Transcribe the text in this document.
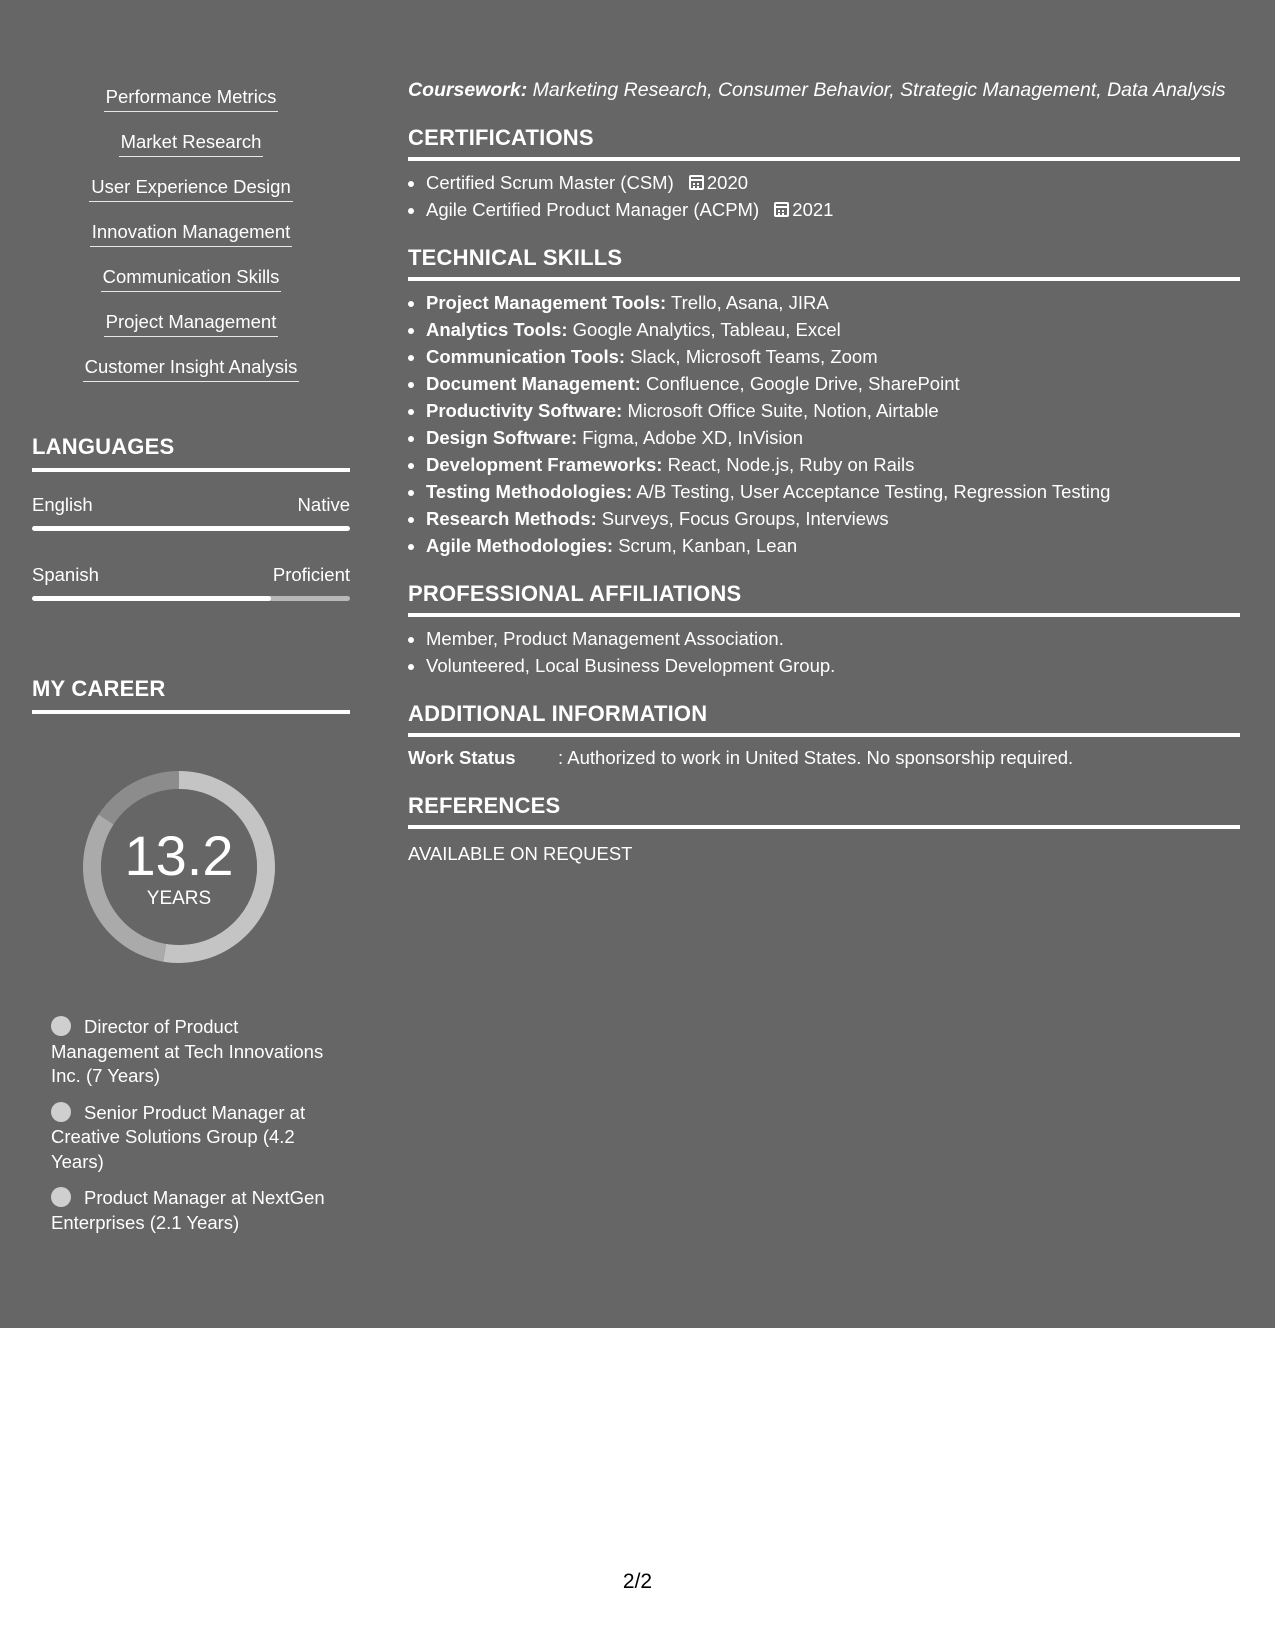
Performance Metrics
Market Research
User Experience Design
Innovation Management
Communication Skills
Project Management
Customer Insight Analysis
LANGUAGES
English	Native
Spanish	Proficient
MY CAREER
13.2
YEARS
Director of Product Management at Tech Innovations Inc. (7 Years)
Senior Product Manager at Creative Solutions Group (4.2 Years)
Product Manager at NextGen Enterprises (2.1 Years)

Coursework: Marketing Research, Consumer Behavior, Strategic Management, Data Analysis

CERTIFICATIONS
• Certified Scrum Master (CSM) 2020
• Agile Certified Product Manager (ACPM) 2021
TECHNICAL SKILLS
• Project Management Tools: Trello, Asana, JIRA
• Analytics Tools: Google Analytics, Tableau, Excel
• Communication Tools: Slack, Microsoft Teams, Zoom
• Document Management: Confluence, Google Drive, SharePoint
• Productivity Software: Microsoft Office Suite, Notion, Airtable
• Design Software: Figma, Adobe XD, InVision
• Development Frameworks: React, Node.js, Ruby on Rails
• Testing Methodologies: A/B Testing, User Acceptance Testing, Regression Testing
• Research Methods: Surveys, Focus Groups, Interviews
• Agile Methodologies: Scrum, Kanban, Lean
PROFESSIONAL AFFILIATIONS
• Member, Product Management Association.
• Volunteered, Local Business Development Group.
ADDITIONAL INFORMATION
Work Status	: Authorized to work in United States. No sponsorship required.
REFERENCES
AVAILABLE ON REQUEST
2/2
